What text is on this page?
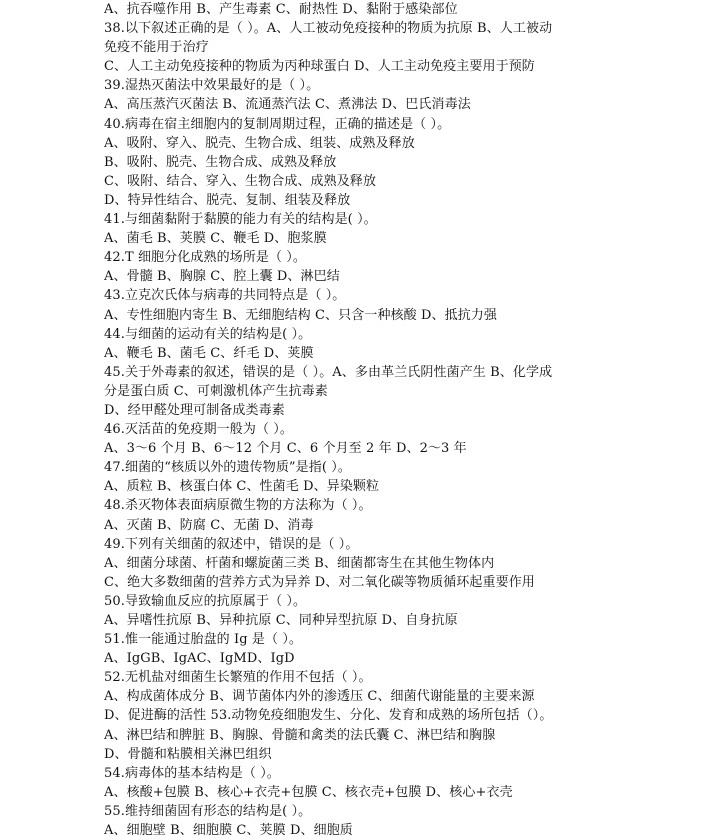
A、抗吞噬作用 B、产生毒素 C、耐热性 D、黏附于感染部位
38.以下叙述正确的是（ ）。A、人工被动免疫接种的物质为抗原 B、人工被动
免疫不能用于治疗
C、人工主动免疫接种的物质为丙种球蛋白 D、人工主动免疫主要用于预防
39.湿热灭菌法中效果最好的是（ ）。
A、高压蒸汽灭菌法 B、流通蒸汽法 C、煮沸法 D、巴氏消毒法
40.病毒在宿主细胞内的复制周期过程，正确的描述是（ ）。
A、吸附、穿入、脱壳、生物合成、组装、成熟及释放
B、吸附、脱壳、生物合成、成熟及释放
C、吸附、结合、穿入、生物合成、成熟及释放
D、特异性结合、脱壳、复制、组装及释放
41.与细菌黏附于黏膜的能力有关的结构是( ）。
A、菌毛 B、荚膜 C、鞭毛 D、胞浆膜
42.T 细胞分化成熟的场所是（ ）。
A、骨髓 B、胸腺 C、腔上囊 D、淋巴结
43.立克次氏体与病毒的共同特点是（ ）。
A、专性细胞内寄生 B、无细胞结构 C、只含一种核酸 D、抵抗力强
44.与细菌的运动有关的结构是( ）。
A、鞭毛 B、菌毛 C、纤毛 D、荚膜
45.关于外毒素的叙述，错误的是（ ）。A、多由革兰氏阴性菌产生 B、化学成
分是蛋白质 C、可刺激机体产生抗毒素
D、经甲醛处理可制备成类毒素
46.灭活苗的免疫期一般为（ ）。
A、3～6 个月 B、6～12 个月 C、6 个月至 2 年 D、2～3 年
47.细菌的“核质以外的遗传物质”是指( ）。
A、质粒 B、核蛋白体 C、性菌毛 D、异染颗粒
48.杀灭物体表面病原微生物的方法称为（ ）。
A、灭菌 B、防腐 C、无菌 D、消毒
49.下列有关细菌的叙述中，错误的是（ ）。
A、细菌分球菌、杆菌和螺旋菌三类 B、细菌都寄生在其他生物体内
C、绝大多数细菌的营养方式为异养 D、对二氧化碳等物质循环起重要作用
50.导致输血反应的抗原属于（ ）。
A、异嗜性抗原 B、异种抗原 C、同种异型抗原 D、自身抗原
51.惟一能通过胎盘的 Ig 是（ ）。
A、IgGB、IgAC、IgMD、IgD
52.无机盐对细菌生长繁殖的作用不包括（ ）。
A、构成菌体成分 B、调节菌体内外的渗透压 C、细菌代谢能量的主要来源
D、促进酶的活性 53.动物免疫细胞发生、分化、发育和成熟的场所包括（）。
A、淋巴结和脾脏 B、胸腺、骨髓和禽类的法氏囊 C、淋巴结和胸腺
D、骨髓和粘膜相关淋巴组织
54.病毒体的基本结构是（ ）。
A、核酸+包膜 B、核心+衣壳+包膜 C、核衣壳+包膜 D、核心+衣壳
55.维持细菌固有形态的结构是( ）。
A、细胞壁 B、细胞膜 C、荚膜 D、细胞质
